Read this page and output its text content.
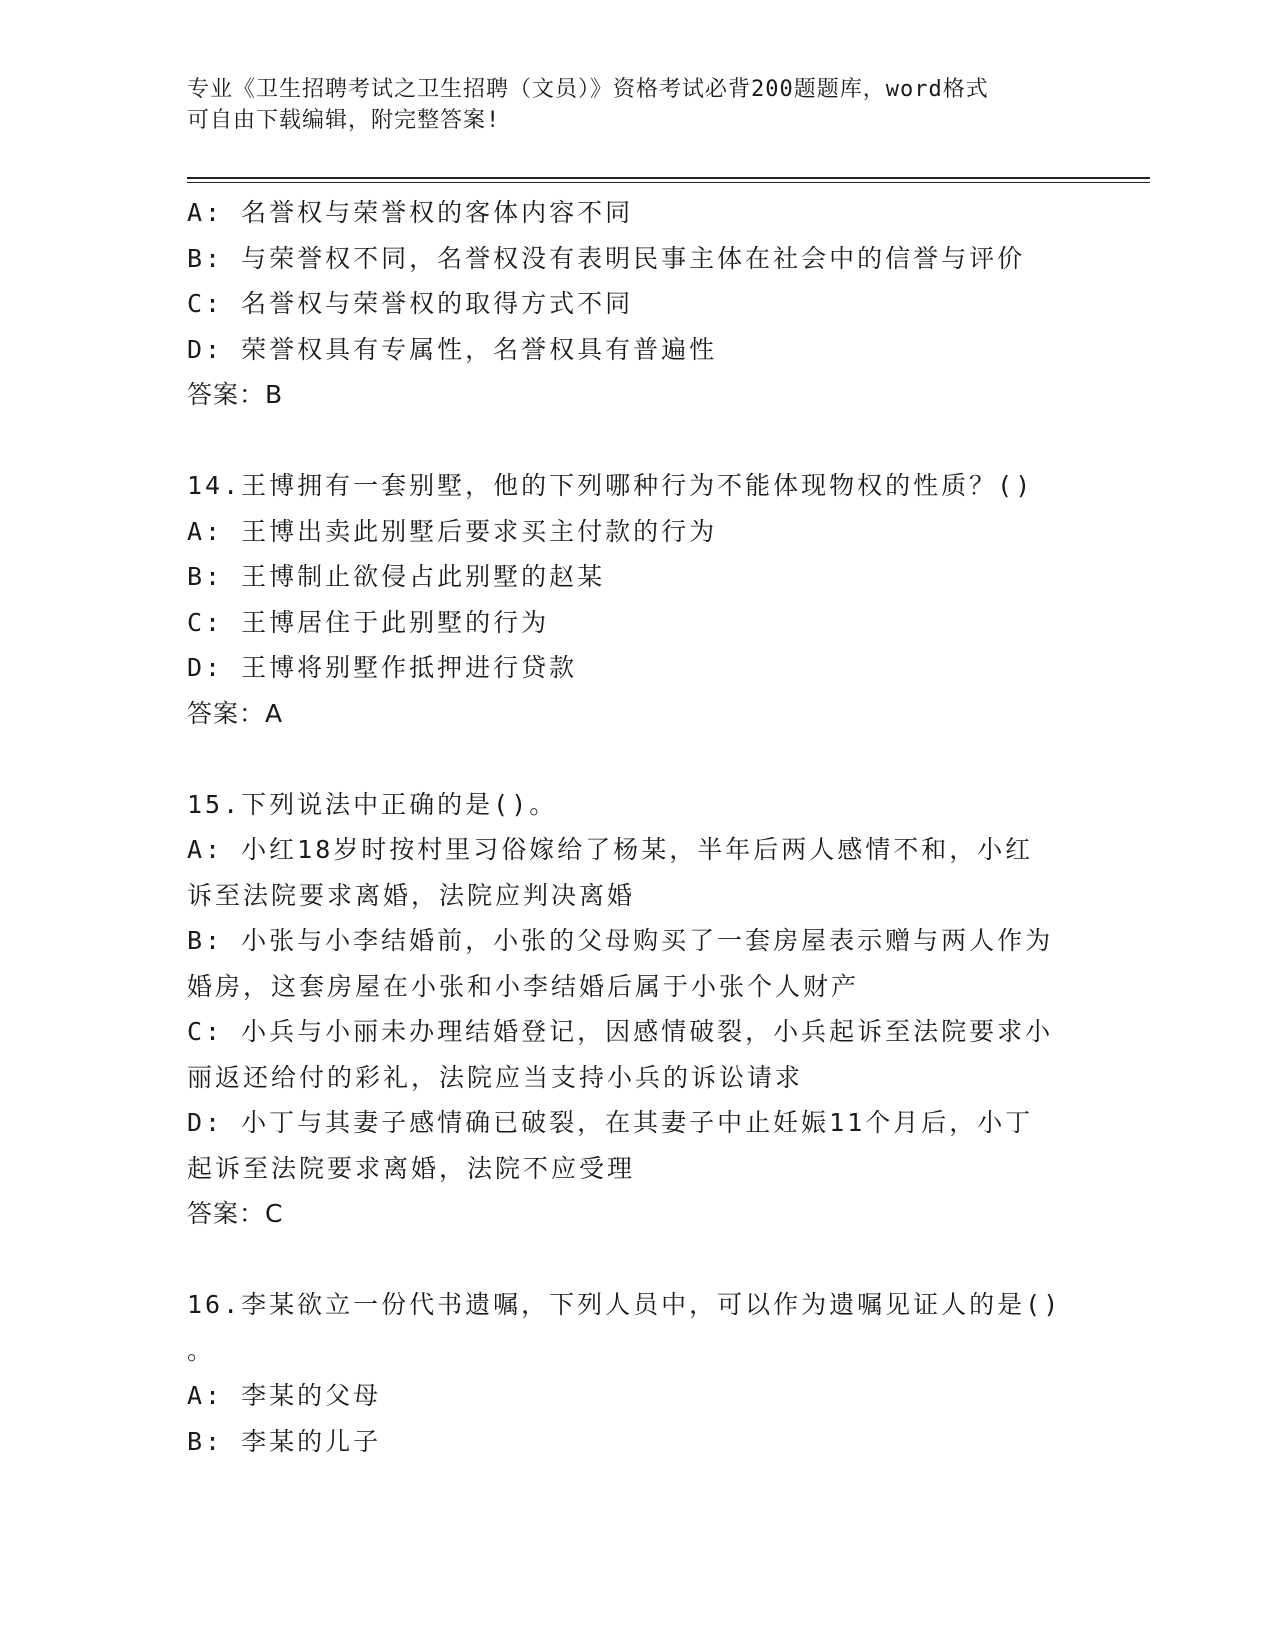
专业《卫生招聘考试之卫生招聘（文员）》资格考试必背200题题库，word格式
可自由下载编辑，附完整答案!
A: 名誉权与荣誉权的客体内容不同
B: 与荣誉权不同，名誉权没有表明民事主体在社会中的信誉与评价
C: 名誉权与荣誉权的取得方式不同
D: 荣誉权具有专属性，名誉权具有普遍性
答案：B
14.王博拥有一套别墅，他的下列哪种行为不能体现物权的性质？()
A: 王博出卖此别墅后要求买主付款的行为
B: 王博制止欲侵占此别墅的赵某
C: 王博居住于此别墅的行为
D: 王博将别墅作抵押进行贷款
答案：A
15.下列说法中正确的是()。
A: 小红18岁时按村里习俗嫁给了杨某，半年后两人感情不和，小红
诉至法院要求离婚，法院应判决离婚
B: 小张与小李结婚前，小张的父母购买了一套房屋表示赠与两人作为
婚房，这套房屋在小张和小李结婚后属于小张个人财产
C: 小兵与小丽未办理结婚登记，因感情破裂，小兵起诉至法院要求小
丽返还给付的彩礼，法院应当支持小兵的诉讼请求
D: 小丁与其妻子感情确已破裂，在其妻子中止妊娠11个月后，小丁
起诉至法院要求离婚，法院不应受理
答案：C
16.李某欲立一份代书遗嘱，下列人员中，可以作为遗嘱见证人的是()
。
A: 李某的父母
B: 李某的儿子
